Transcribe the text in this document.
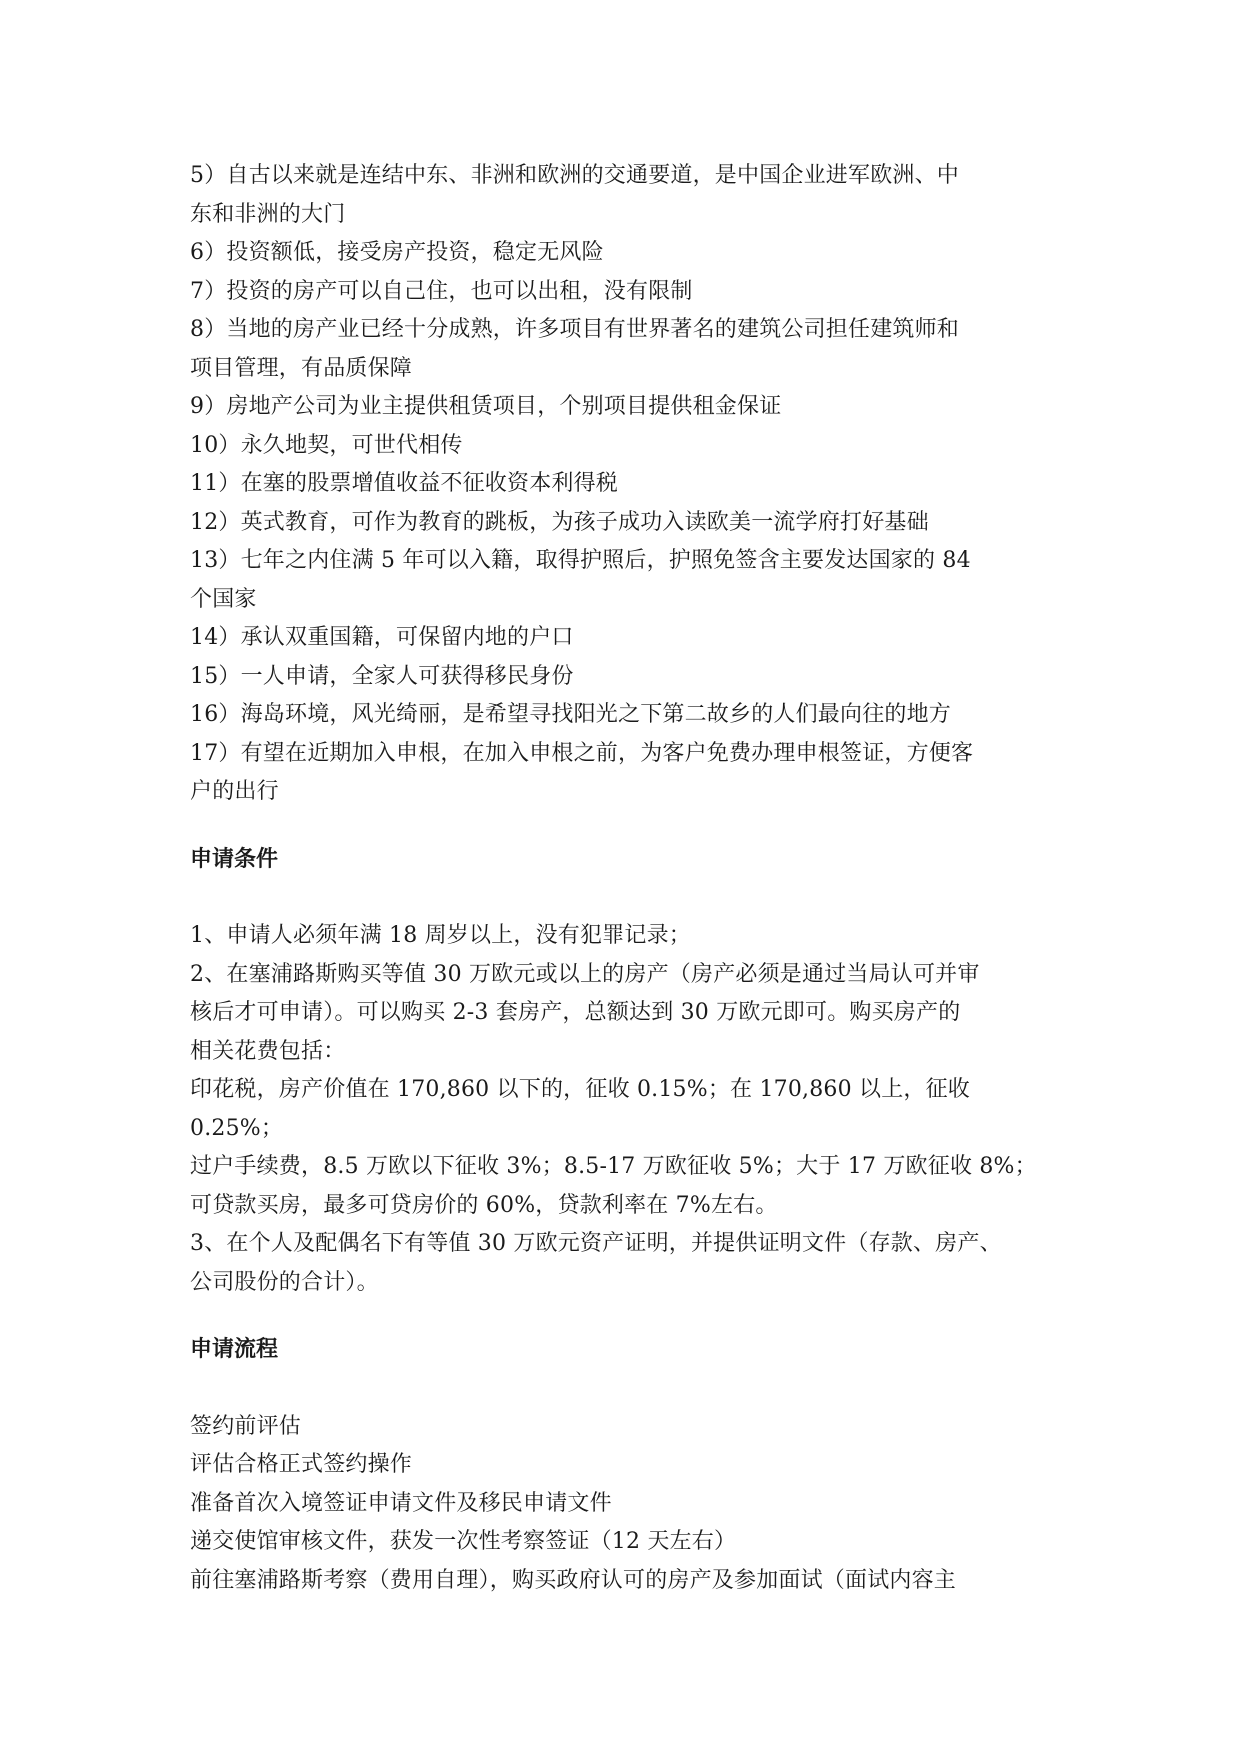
5）自古以来就是连结中东、非洲和欧洲的交通要道，是中国企业进军欧洲、中
东和非洲的大门
6）投资额低，接受房产投资，稳定无风险
7）投资的房产可以自己住，也可以出租，没有限制
8）当地的房产业已经十分成熟，许多项目有世界著名的建筑公司担任建筑师和
项目管理，有品质保障
9）房地产公司为业主提供租赁项目，个别项目提供租金保证
10）永久地契，可世代相传
11）在塞的股票增值收益不征收资本利得税
12）英式教育，可作为教育的跳板，为孩子成功入读欧美一流学府打好基础
13）七年之内住满 5 年可以入籍，取得护照后，护照免签含主要发达国家的 84
个国家
14）承认双重国籍，可保留内地的户口
15）一人申请，全家人可获得移民身份
16）海岛环境，风光绮丽，是希望寻找阳光之下第二故乡的人们最向往的地方
17）有望在近期加入申根，在加入申根之前，为客户免费办理申根签证，方便客
户的出行
申请条件
1、申请人必须年满 18 周岁以上，没有犯罪记录；
2、在塞浦路斯购买等值 30 万欧元或以上的房产（房产必须是通过当局认可并审
核后才可申请）。可以购买 2-3 套房产，总额达到 30 万欧元即可。购买房产的
相关花费包括：
印花税，房产价值在 170,860 以下的，征收 0.15%；在 170,860 以上，征收
0.25%；
过户手续费，8.5 万欧以下征收 3%；8.5-17 万欧征收 5%；大于 17 万欧征收 8%；
可贷款买房，最多可贷房价的 60%，贷款利率在 7%左右。
3、在个人及配偶名下有等值 30 万欧元资产证明，并提供证明文件（存款、房产、
公司股份的合计）。
申请流程
签约前评估
评估合格正式签约操作
准备首次入境签证申请文件及移民申请文件
递交使馆审核文件，获发一次性考察签证（12 天左右）
前往塞浦路斯考察（费用自理），购买政府认可的房产及参加面试（面试内容主
